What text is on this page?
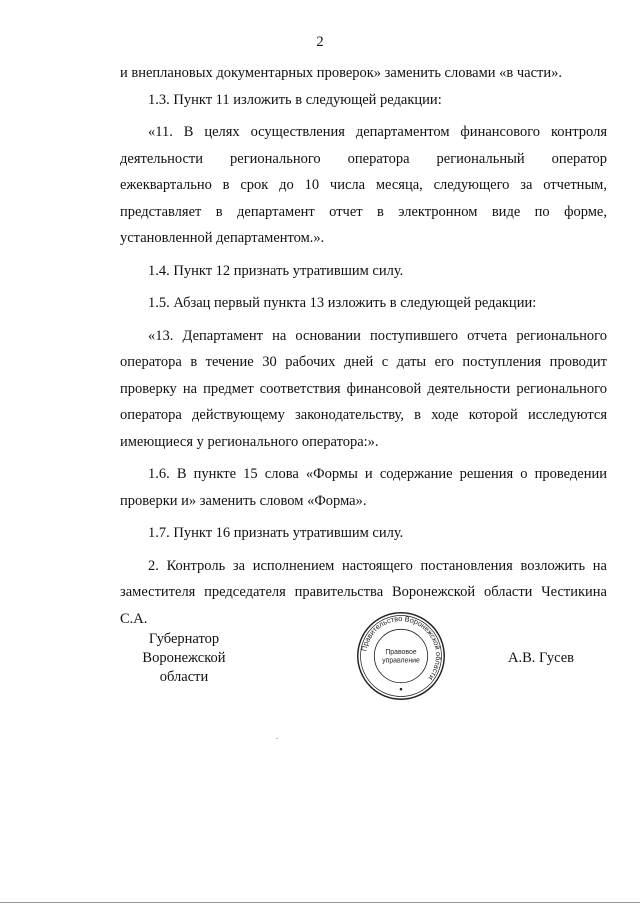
2

и внеплановых документарных проверок» заменить словами «в части».

1.3. Пункт 11 изложить в следующей редакции:

«11. В целях осуществления департаментом финансового контроля деятельности регионального оператора региональный оператор ежеквартально в срок до 10 числа месяца, следующего за отчетным, представляет в департамент отчет в электронном виде по форме, установленной департаментом.».

1.4. Пункт 12 признать утратившим силу.

1.5. Абзац первый пункта 13 изложить в следующей редакции:

«13. Департамент на основании поступившего отчета регионального оператора в течение 30 рабочих дней с даты его поступления проводит проверку на предмет соответствия финансовой деятельности регионального оператора действующему законодательству, в ходе которой исследуются имеющиеся у регионального оператора:».

1.6. В пункте 15 слова «Формы и содержание решения о проведении проверки и» заменить словом «Форма».

1.7. Пункт 16 признать утратившим силу.

2. Контроль за исполнением настоящего постановления возложить на заместителя председателя правительства Воронежской области Честикина С.А.

Губернатор
Воронежской области
Правительство Воронежской области
Правовое
управление	А.В. Гусев
